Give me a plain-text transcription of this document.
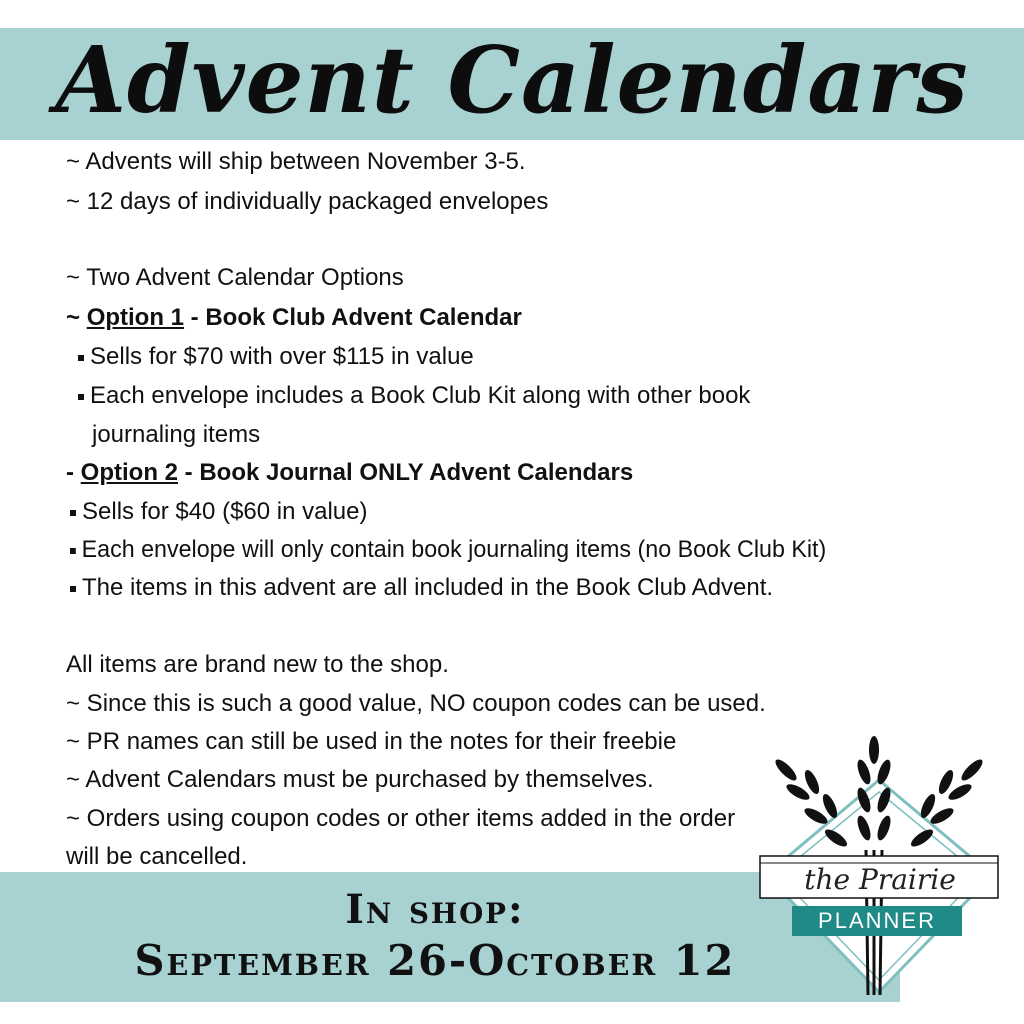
Advent Calendars
~ Advents will ship between November 3-5.
~ 12 days of individually packaged envelopes
~ Two Advent Calendar Options
~ Option 1 - Book Club Advent Calendar
Sells for $70 with over $115 in value
Each envelope includes a Book Club Kit along with other book
journaling items
- Option 2 - Book Journal ONLY Advent Calendars
Sells for $40 ($60 in value)
Each envelope will only contain book journaling items (no Book Club Kit)
The items in this advent are all included in the Book Club Advent.
All items are brand new to the shop.
~ Since this is such a good value, NO coupon codes can be used.
~ PR names can still be used in the notes for their freebie
~ Advent Calendars must be purchased by themselves.
~ Orders using coupon codes or other items added in the order
will be cancelled.
In shop:
September 26-October 12
the Prairie
PLANNER
